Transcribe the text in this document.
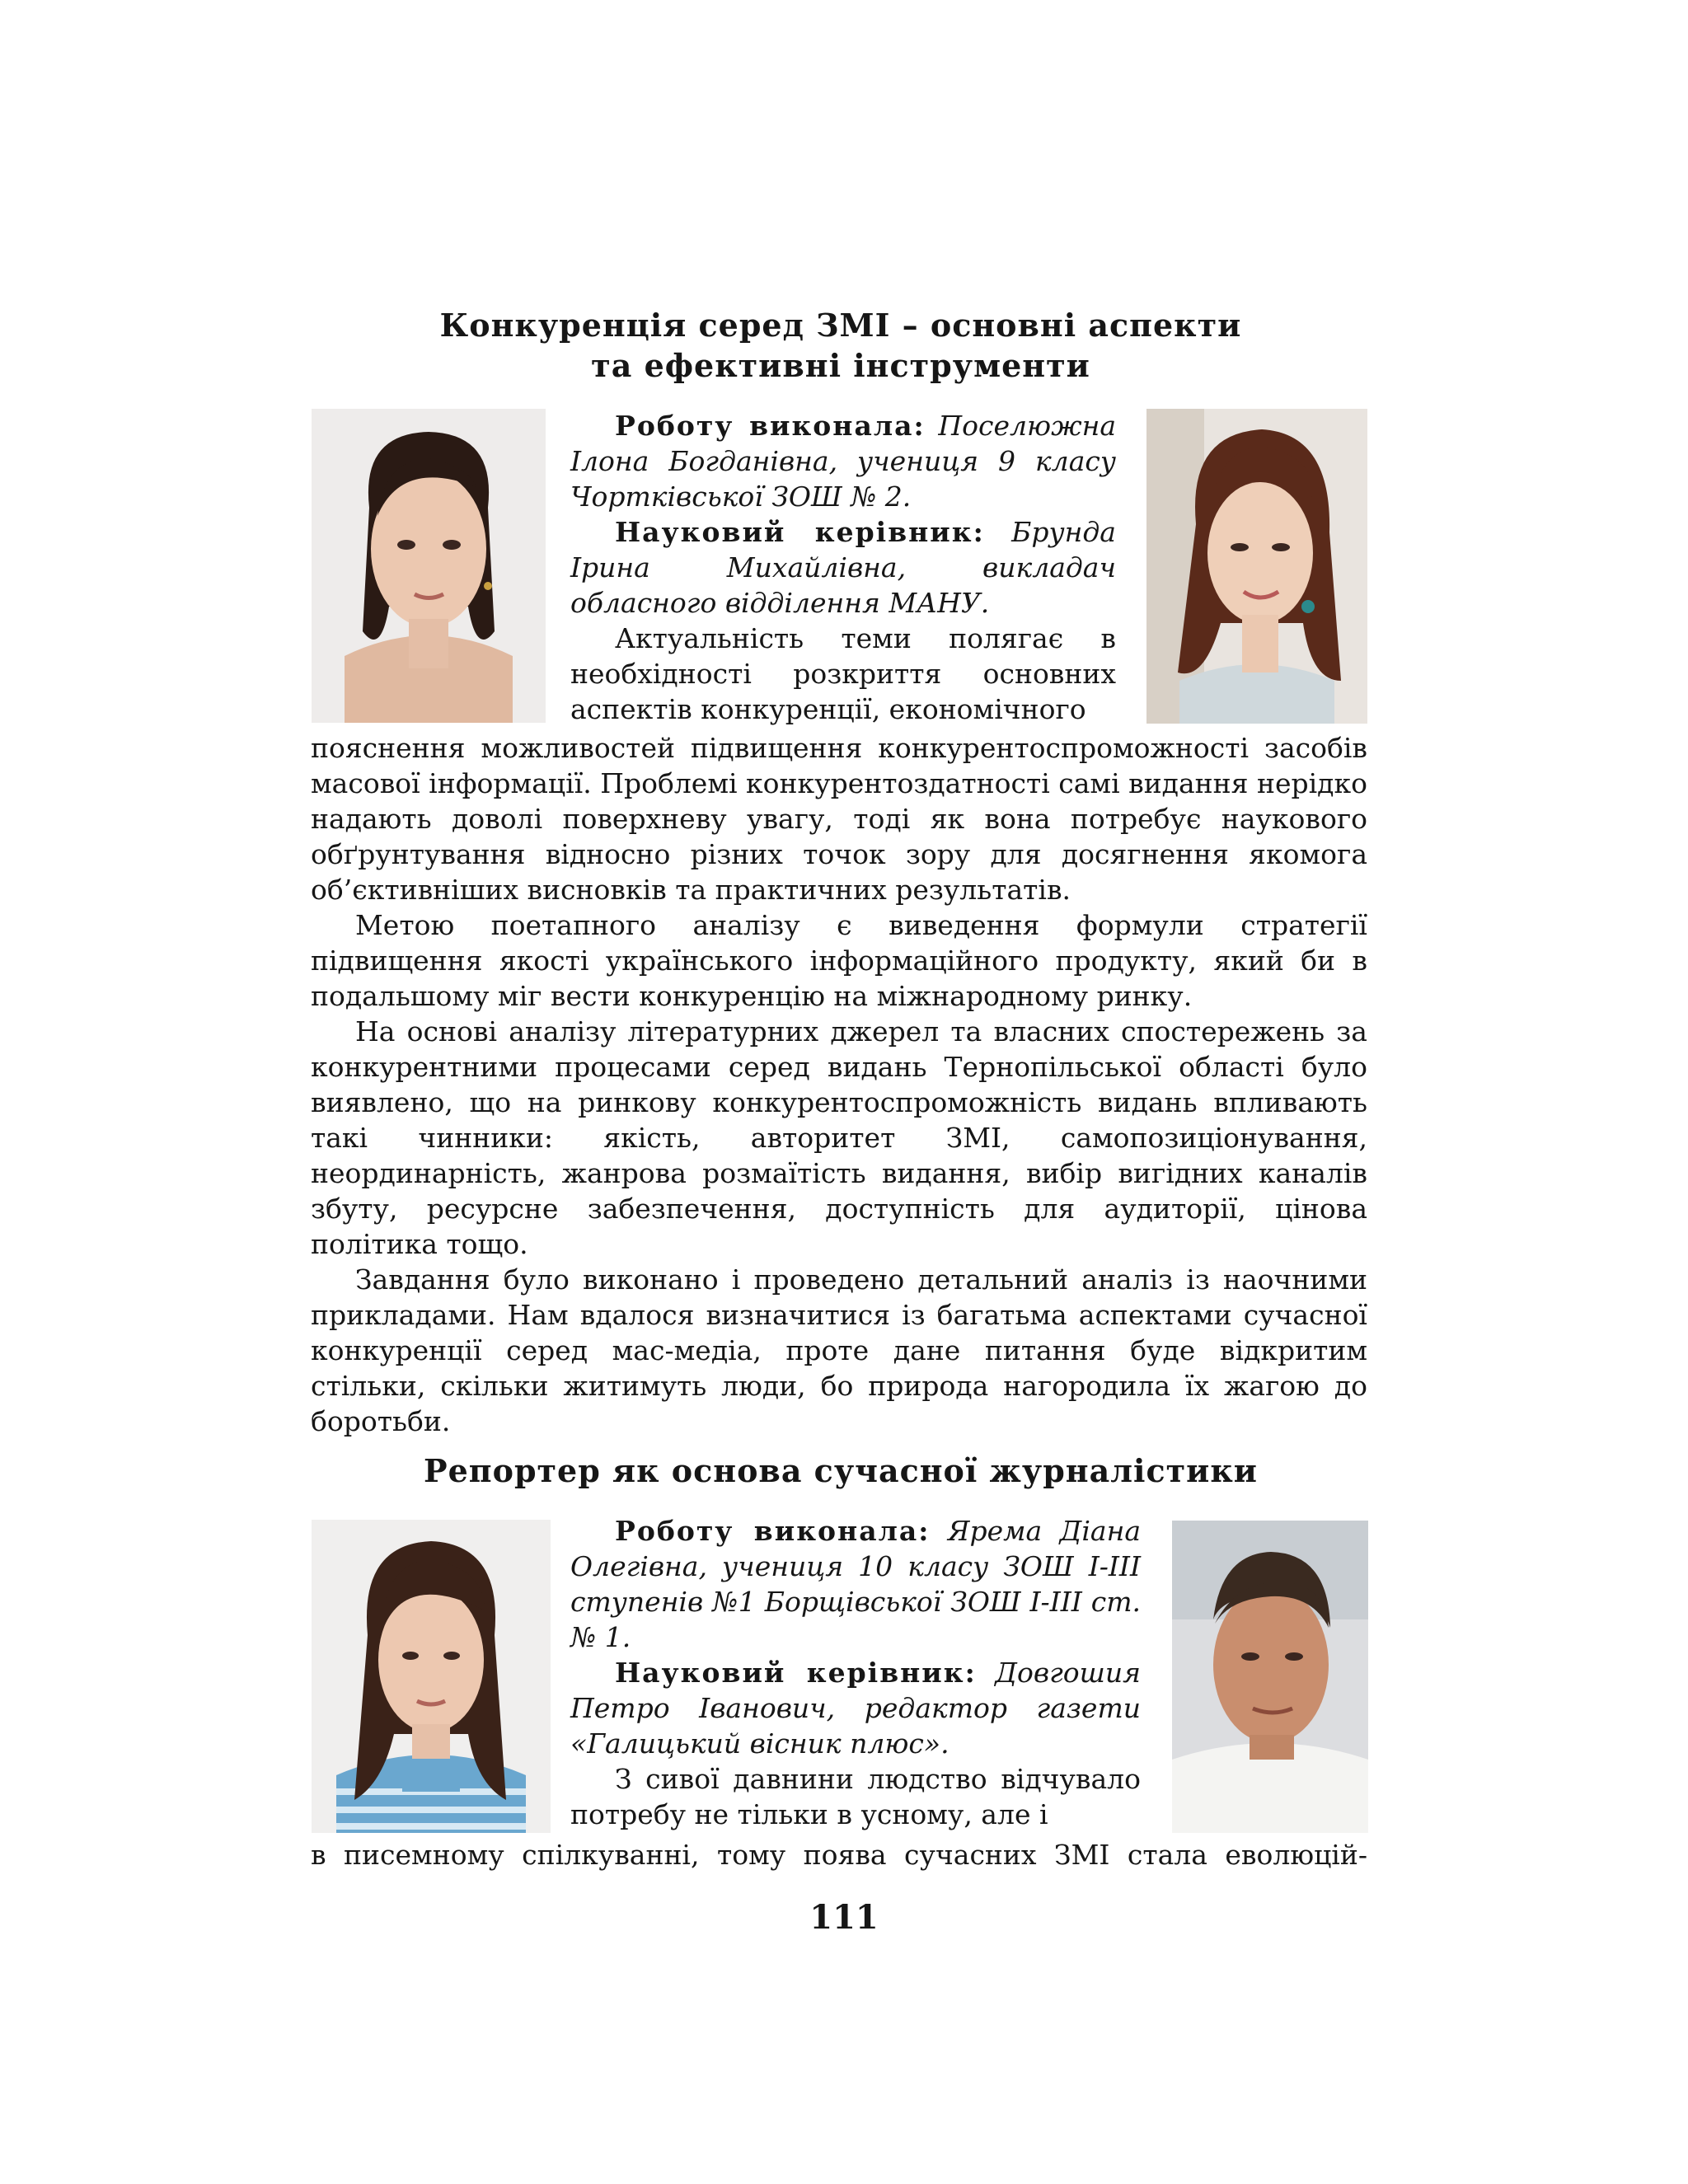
Конкуренція серед ЗМІ – основні аспекти
та ефективні інструменти

Роботу виконала: Поселюжна Ілона Богданівна, учениця 9 класу Чортківської ЗОШ № 2.

Науковий керівник: Брунда Ірина Михайлівна, викладач обласного відділення МАНУ.

Актуальність теми полягає в необхідності розкриття основних аспектів конкуренції, економічного

пояснення можливостей підвищення конкурентоспроможності засобів масової інформації. Проблемі конкурентоздатності самі видання нерідко надають доволі поверхневу увагу, тоді як вона потребує наукового обґрунтування відносно різних точок зору для досягнення якомога об’єктивніших висновків та практичних результатів.

Метою поетапного аналізу є виведення формули стратегії підвищення якості українського інформаційного продукту, який би в подальшому міг вести конкуренцію на міжнародному ринку.

На основі аналізу літературних джерел та власних спостережень за конкурентними процесами серед видань Тернопільської області було виявлено, що на ринкову конкурентоспроможність видань впливають такі чинники: якість, авторитет ЗМІ, самопозиціонування, неординарність, жанрова розмаїтість видання, вибір вигідних каналів збуту, ресурсне забезпечення, доступність для аудиторії, цінова політика тощо.

Завдання було виконано і проведено детальний аналіз із наочними прикладами. Нам вдалося визначитися із багатьма аспектами сучасної конкуренції серед мас-медіа, проте дане питання буде відкритим стільки, скільки житимуть люди, бо природа нагородила їх жагою до боротьби.

Репортер як основа сучасної журналістики

Роботу виконала: Ярема Діана Олегівна, учениця 10 класу ЗОШ I-III ступенів №1 Борщівської ЗОШ I-III ст. № 1.

Науковий керівник: Довгошия Петро Іванович, редактор газети «Галицький вісник плюс».

З сивої давнини людство відчувало потребу не тільки в усному, але і

в писемному спілкуванні, тому поява сучасних ЗМІ стала еволюцій-

111
